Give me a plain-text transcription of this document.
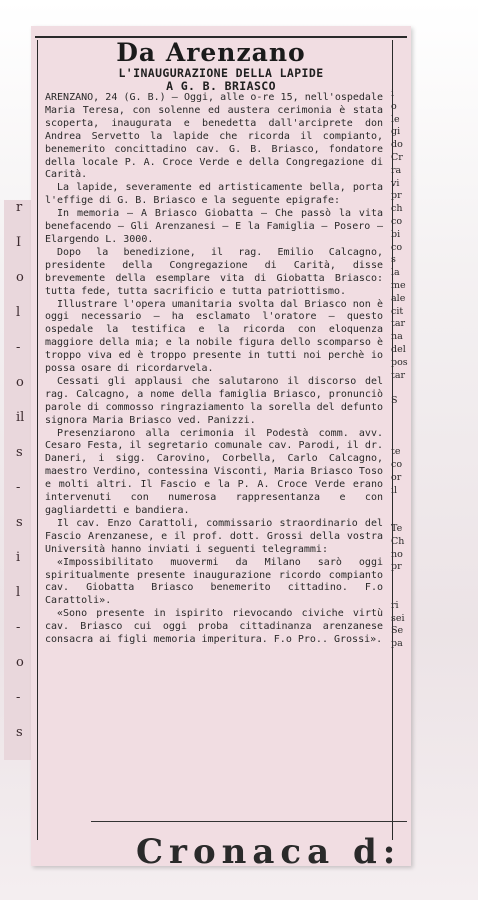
r
I
o
l
-
o
il
s
-
s
i
l
-
o
-
s
Da Arenzano
L'INAUGURAZIONE DELLA LAPIDE
A G. B. BRIASCO

ARENZANO, 24 (G. B.) — Oggi, alle o-re 15, nell'ospedale Maria Teresa, con solenne ed austera cerimonia è stata scoperta, inaugurata e benedetta dall'arciprete don Andrea Servetto la lapide che ricorda il compianto, benemerito concittadino cav. G. B. Briasco, fondatore della locale P. A. Croce Verde e della Congregazione di Carità.

La lapide, severamente ed artisticamente bella, porta l'effige di G. B. Briasco e la seguente epigrafe:

In memoria — A Briasco Giobatta — Che passò la vita benefacendo — Gli Arenzanesi — E la Famiglia — Posero — Elargendo L. 3000.

Dopo la benedizione, il rag. Emilio Calcagno, presidente della Congregazione di Carità, disse brevemente della esemplare vita di Giobatta Briasco: tutta fede, tutta sacrificio e tutta patriottismo.

Illustrare l'opera umanitaria svolta dal Briasco non è oggi necessario — ha esclamato l'oratore — questo ospedale la testifica e la ricorda con eloquenza maggiore della mia; e la nobile figura dello scomparso è troppo viva ed è troppo presente in tutti noi perchè io possa osare di ricordarvela.

Cessati gli applausi che salutarono il discorso del rag. Calcagno, a nome della famiglia Briasco, pronunciò parole di commosso ringraziamento la sorella del defunto signora Maria Briasco ved. Panizzi.

Presenziarono alla cerimonia il Podestà comm. avv. Cesaro Festa, il segretario comunale cav. Parodi, il dr. Daneri, i sigg. Carovino, Corbella, Carlo Calcagno, maestro Verdino, contessina Visconti, Maria Briasco Toso e molti altri. Il Fascio e la P. A. Croce Verde erano intervenuti con numerosa rappresentanza e con gagliardetti e bandiera.

Il cav. Enzo Carattoli, commissario straordinario del Fascio Arenzanese, e il prof. dott. Grossi della vostra Università hanno inviati i seguenti telegrammi:

«Impossibilitato muovermi da Milano sarò oggi spiritualmente presente inaugurazione ricordo compianto cav. Giobatta Briasco benemerito cittadino. F.o Carattoli».

«Sono presente in ispirito rievocando civiche virtù cav. Briasco cui oggi proba cittadinanza arenzanese consacra ai figli memoria imperitura. F.o Pro.. Grossi».

i
o
le
gi
do
Cr
ra
vi
pr
ch
co
bi
co
s
la
me
ale
cit
tar
na
del
pos
tar

S

te
co
or
il

Te
Ch
no
pr

ri
sei
Se
pa
Cronaca d:
